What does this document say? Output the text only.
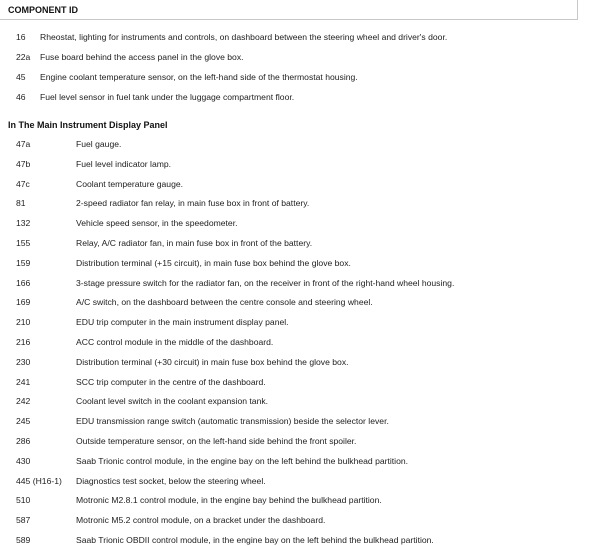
COMPONENT ID
16 Rheostat, lighting for instruments and controls, on dashboard between the steering wheel and driver's door.
22a Fuse board behind the access panel in the glove box.
45 Engine coolant temperature sensor, on the left-hand side of the thermostat housing.
46 Fuel level sensor in fuel tank under the luggage compartment floor.
In The Main Instrument Display Panel
47a	Fuel gauge.
47b	Fuel level indicator lamp.
47c	Coolant temperature gauge.
81	2-speed radiator fan relay, in main fuse box in front of battery.
132	Vehicle speed sensor, in the speedometer.
155	Relay, A/C radiator fan, in main fuse box in front of the battery.
159	Distribution terminal (+15 circuit), in main fuse box behind the glove box.
166	3-stage pressure switch for the radiator fan, on the receiver in front of the right-hand wheel housing.
169	A/C switch, on the dashboard between the centre console and steering wheel.
210	EDU trip computer in the main instrument display panel.
216	ACC control module in the middle of the dashboard.
230	Distribution terminal (+30 circuit) in main fuse box behind the glove box.
241	SCC trip computer in the centre of the dashboard.
242	Coolant level switch in the coolant expansion tank.
245	EDU transmission range switch (automatic transmission) beside the selector lever.
286	Outside temperature sensor, on the left-hand side behind the front spoiler.
430	Saab Trionic control module, in the engine bay on the left behind the bulkhead partition.
445 (H16-1) Diagnostics test socket, below the steering wheel.
510	Motronic M2.8.1 control module, in the engine bay behind the bulkhead partition.
587	Motronic M5.2 control module, on a bracket under the dashboard.
589	Saab Trionic OBDII control module, in the engine bay on the left behind the bulkhead partition.
